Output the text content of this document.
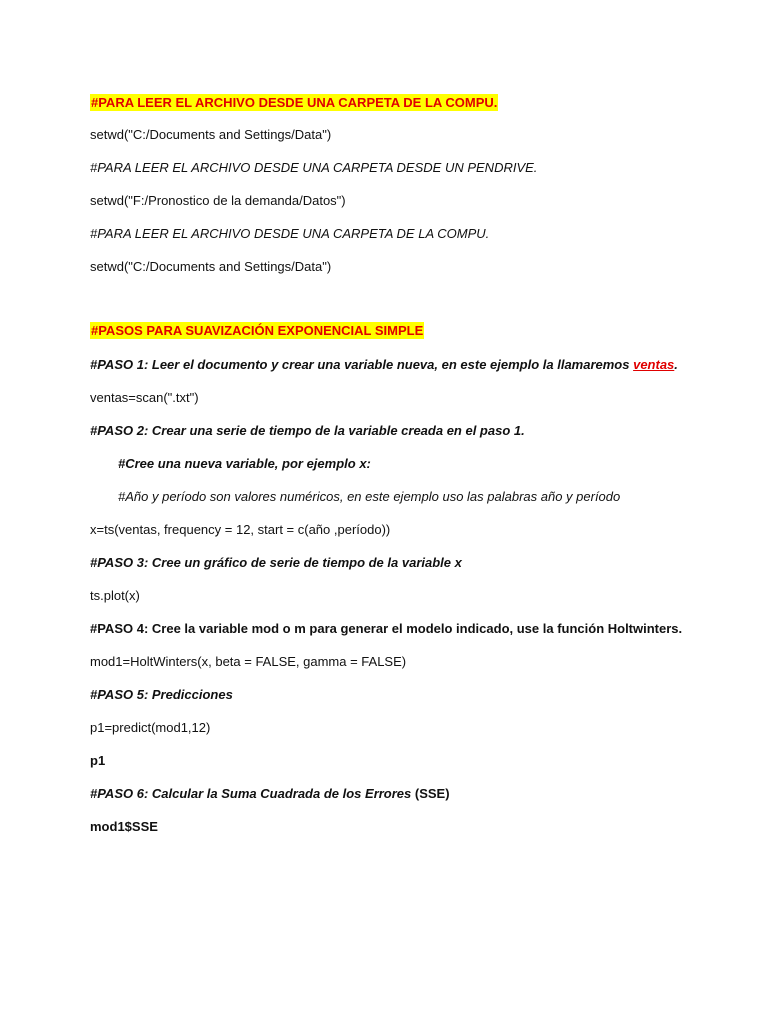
#PARA LEER EL ARCHIVO DESDE UNA CARPETA DE LA COMPU.
setwd("C:/Documents and Settings/Data")
#PARA LEER EL ARCHIVO DESDE UNA CARPETA DESDE UN PENDRIVE.
setwd("F:/Pronostico de la demanda/Datos")
#PARA LEER EL ARCHIVO DESDE UNA CARPETA DE LA COMPU.
setwd("C:/Documents and Settings/Data")
#PASOS PARA SUAVIZACIÓN EXPONENCIAL SIMPLE
#PASO 1: Leer el documento y crear una variable nueva, en este ejemplo la llamaremos ventas.
ventas=scan(".txt")
#PASO 2: Crear una serie de tiempo de la variable creada en el paso 1.
#Cree una nueva variable, por ejemplo x:
#Año y período son valores numéricos, en este ejemplo uso las palabras año y período
x=ts(ventas, frequency = 12, start = c(año ,período))
#PASO 3: Cree un gráfico de serie de tiempo de la variable x
ts.plot(x)
#PASO 4: Cree la variable mod o m para generar el modelo indicado, use la función Holtwinters.
mod1=HoltWinters(x, beta = FALSE, gamma = FALSE)
#PASO 5: Predicciones
p1=predict(mod1,12)
p1
#PASO 6: Calcular la Suma Cuadrada de los Errores (SSE)
mod1$SSE
